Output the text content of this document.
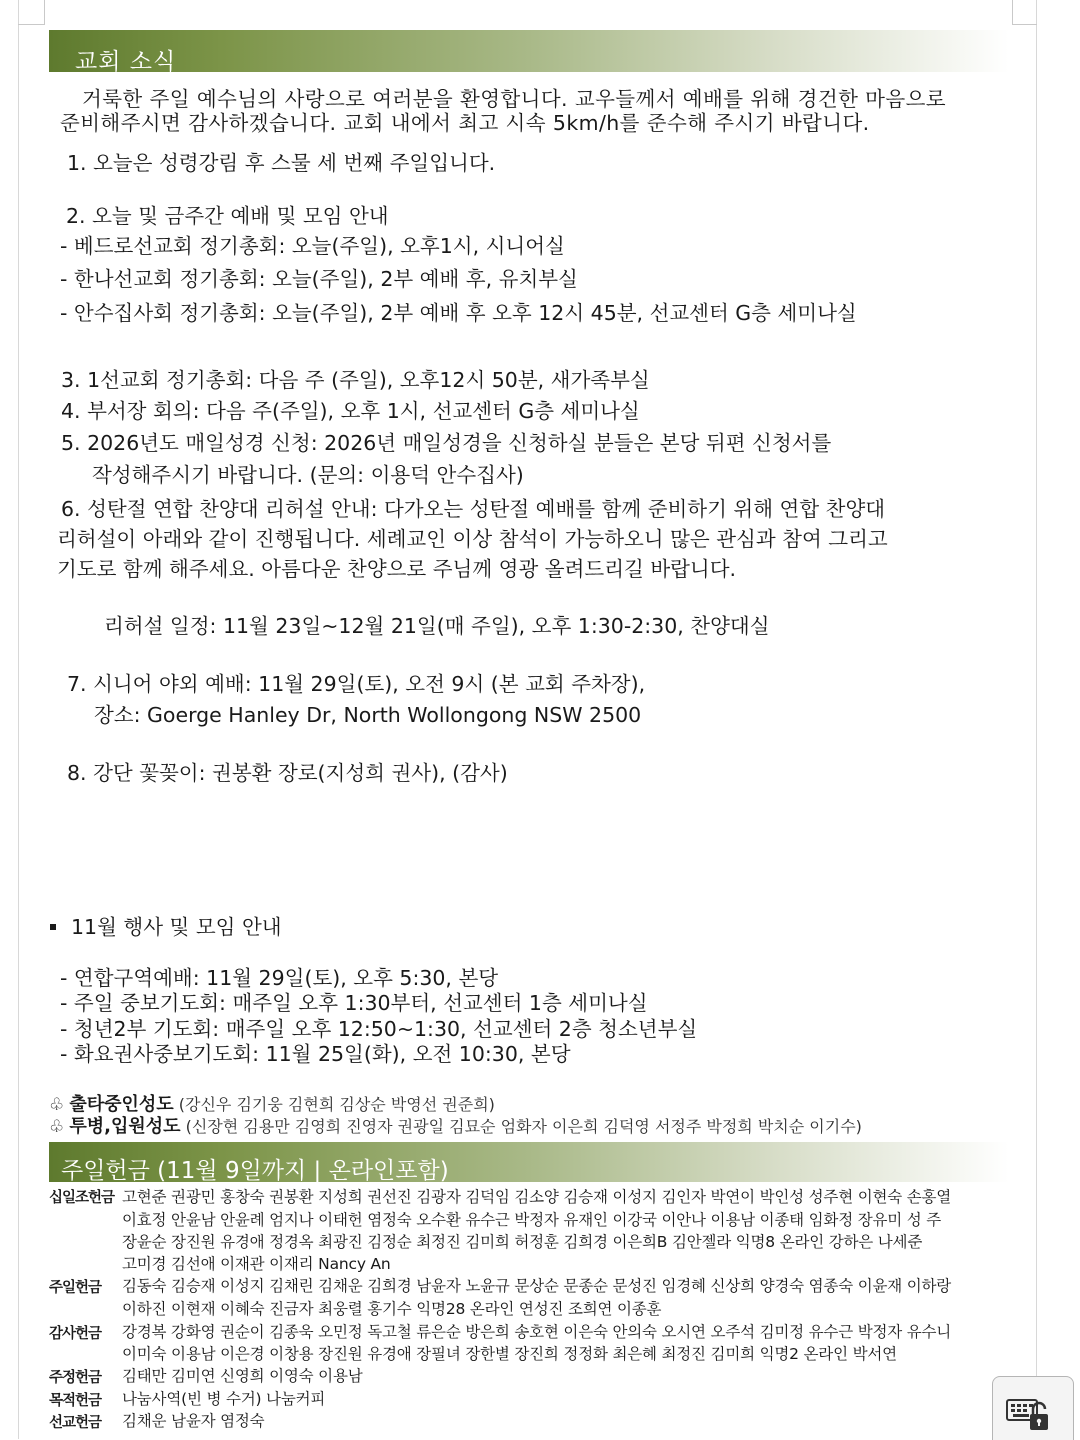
교회 소식
거룩한 주일 예수님의 사랑으로 여러분을 환영합니다. 교우들께서 예배를 위해 경건한 마음으로
준비해주시면 감사하겠습니다. 교회 내에서 최고 시속 5km/h를 준수해 주시기 바랍니다.
1. 오늘은 성령강림 후 스물 세 번째 주일입니다.
2. 오늘 및 금주간 예배 및 모임 안내
- 베드로선교회 정기총회: 오늘(주일), 오후1시, 시니어실
- 한나선교회 정기총회: 오늘(주일), 2부 예배 후, 유치부실
- 안수집사회 정기총회: 오늘(주일), 2부 예배 후 오후 12시 45분, 선교센터 G층 세미나실
3. 1선교회 정기총회: 다음 주 (주일), 오후12시 50분, 새가족부실
4. 부서장 회의: 다음 주(주일), 오후 1시, 선교센터 G층 세미나실
5. 2026년도 매일성경 신청: 2026년 매일성경을 신청하실 분들은 본당 뒤편 신청서를
작성해주시기 바랍니다. (문의: 이용덕 안수집사)
6. 성탄절 연합 찬양대 리허설 안내: 다가오는 성탄절 예배를 함께 준비하기 위해 연합 찬양대
리허설이 아래와 같이 진행됩니다. 세례교인 이상 참석이 가능하오니 많은 관심과 참여 그리고
기도로 함께 해주세요. 아름다운 찬양으로 주님께 영광 올려드리길 바랍니다.
리허설 일정: 11월 23일~12월 21일(매 주일), 오후 1:30-2:30, 찬양대실
7. 시니어 야외 예배: 11월 29일(토), 오전 9시 (본 교회 주차장),
장소: Goerge Hanley Dr, North Wollongong NSW 2500
8. 강단 꽃꽂이: 권봉환 장로(지성희 권사), (감사)
11월 행사 및 모임 안내
- 연합구역예배: 11월 29일(토), 오후 5:30, 본당
- 주일 중보기도회: 매주일 오후 1:30부터, 선교센터 1층 세미나실
- 청년2부 기도회: 매주일 오후 12:50~1:30, 선교센터 2층 청소년부실
- 화요권사중보기도회: 11월 25일(화), 오전 10:30, 본당
♧ 출타중인성도 (강신우 김기웅 김현희 김상순 박영선 권준희)
♧ 투병,입원성도 (신장현 김용만 김영희 진영자 권광일 김묘순 엄화자 이은희 김덕영 서정주 박정희 박치순 이기수)
주일헌금 (11월 9일까지 | 온라인포함)
십일조헌금 고현준 권광민 홍창숙 권봉환 지성희 권선진 김광자 김덕임 김소양 김승재 이성지 김인자 박연이 박인성 성주현 이현숙 손홍열
이효정 안윤남 안윤례 엄지나 이태헌 염정숙 오수환 유수근 박정자 유재인 이강국 이안나 이용남 이종태 임화정 장유미 성 주
장윤순 장진원 유경애 정경옥 최광진 김정순 최정진 김미희 허정훈 김희경 이은희B 김안젤라 익명8 온라인 강하은 나세준
고미경 김선애 이재관 이재리 Nancy An
주일헌금 김동숙 김승재 이성지 김채린 김채운 김희경 남윤자 노윤규 문상순 문종순 문성진 임경혜 신상희 양경숙 염종숙 이윤재 이하랑
이하진 이현재 이혜숙 진금자 최웅렬 홍기수 익명28 온라인 연성진 조희연 이종훈
감사헌금 강경복 강화영 권순이 김종욱 오민정 독고철 류은순 방은희 송호현 이은숙 안의숙 오시연 오주석 김미정 유수근 박정자 유수니
이미숙 이용남 이은경 이창용 장진원 유경애 장필녀 장한별 장진희 정정화 최은혜 최정진 김미희 익명2 온라인 박서연
주정헌금 김태만 김미연 신영희 이영숙 이용남
목적헌금 나눔사역(빈 병 수거) 나눔커피
선교헌금 김채운 남윤자 염정숙
